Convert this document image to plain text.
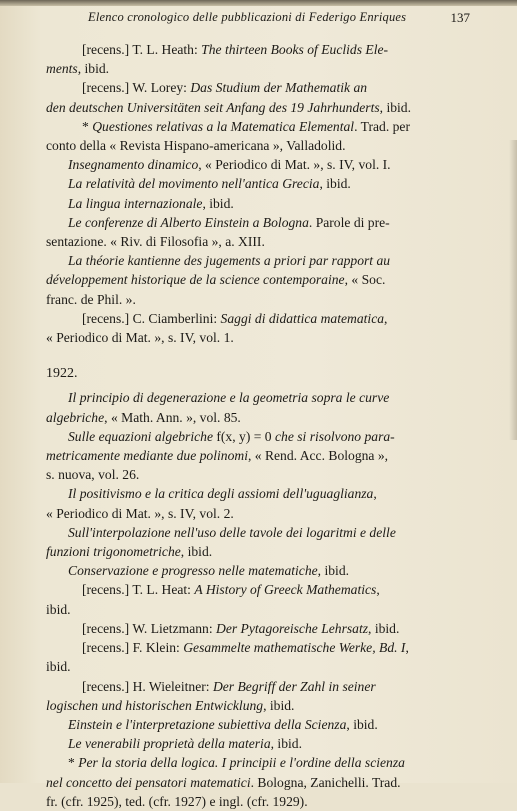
Elenco cronologico delle pubblicazioni di Federigo Enriques	137

[recens.] T. L. Heath: The thirteen Books of Euclids Ele-

ments, ibid.

[recens.] W. Lorey: Das Studium der Mathematik an

den deutschen Universitäten seit Anfang des 19 Jahrhunderts, ibid.

* Questiones relativas a la Matematica Elemental. Trad. per

conto della « Revista Hispano-americana », Valladolid.

Insegnamento dinamico, « Periodico di Mat. », s. IV, vol. I.

La relatività del movimento nell'antica Grecia, ibid.

La lingua internazionale, ibid.

Le conferenze di Alberto Einstein a Bologna. Parole di pre-

sentazione. « Riv. di Filosofia », a. XIII.

La théorie kantienne des jugements a priori par rapport au

développement historique de la science contemporaine, « Soc.

franc. de Phil. ».

[recens.] C. Ciamberlini: Saggi di didattica matematica,

« Periodico di Mat. », s. IV, vol. 1.

1922.

Il principio di degenerazione e la geometria sopra le curve

algebriche, « Math. Ann. », vol. 85.

Sulle equazioni algebriche f(x, y) = 0 che si risolvono para-

metricamente mediante due polinomi, « Rend. Acc. Bologna »,

s. nuova, vol. 26.

Il positivismo e la critica degli assiomi dell'uguaglianza,

« Periodico di Mat. », s. IV, vol. 2.

Sull'interpolazione nell'uso delle tavole dei logaritmi e delle

funzioni trigonometriche, ibid.

Conservazione e progresso nelle matematiche, ibid.

[recens.] T. L. Heat: A History of Greeck Mathematics,

ibid.

[recens.] W. Lietzmann: Der Pytagoreische Lehrsatz, ibid.

[recens.] F. Klein: Gesammelte mathematische Werke, Bd. I,

ibid.

[recens.] H. Wieleitner: Der Begriff der Zahl in seiner

logischen und historischen Entwicklung, ibid.

Einstein e l'interpretazione subiettiva della Scienza, ibid.

Le venerabili proprietà della materia, ibid.

* Per la storia della logica. I principii e l'ordine della scienza

nel concetto dei pensatori matematici. Bologna, Zanichelli. Trad.

fr. (cfr. 1925), ted. (cfr. 1927) e ingl. (cfr. 1929).
